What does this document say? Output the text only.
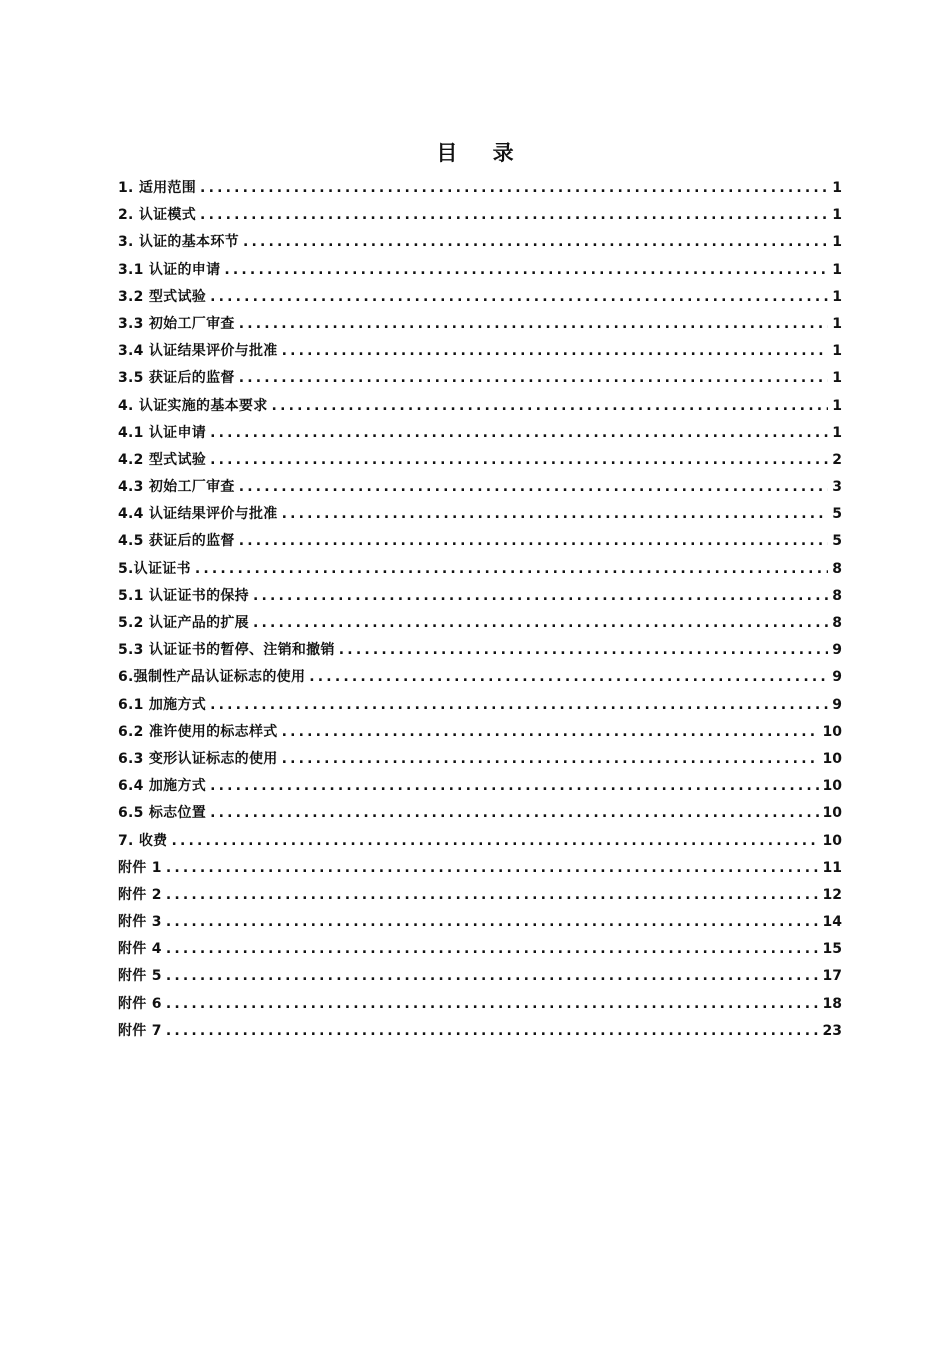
目 录
1. 适用范围 .....	1
2. 认证模式 .....	1
3. 认证的基本环节 .....	1
3.1 认证的申请 .....	1
3.2 型式试验 .....	1
3.3 初始工厂审查 .....	1
3.4 认证结果评价与批准 .....	1
3.5 获证后的监督 .....	1
4. 认证实施的基本要求 .....	1
4.1 认证申请 .....	1
4.2 型式试验 .....	2
4.3 初始工厂审查 .....	3
4.4 认证结果评价与批准 .....	5
4.5 获证后的监督 .....	5
5.认证证书 .....	8
5.1 认证证书的保持 .....	8
5.2 认证产品的扩展 .....	8
5.3 认证证书的暂停、注销和撤销 .....	9
6.强制性产品认证标志的使用 .....	9
6.1 加施方式 .....	9
6.2 准许使用的标志样式 .....	10
6.3 变形认证标志的使用 .....	10
6.4 加施方式 .....	10
6.5 标志位置 .....	10
7. 收费 .....	10
附件 1 .....	11
附件 2 .....	12
附件 3 .....	14
附件 4 .....	15
附件 5 .....	17
附件 6 .....	18
附件 7 .....	23
